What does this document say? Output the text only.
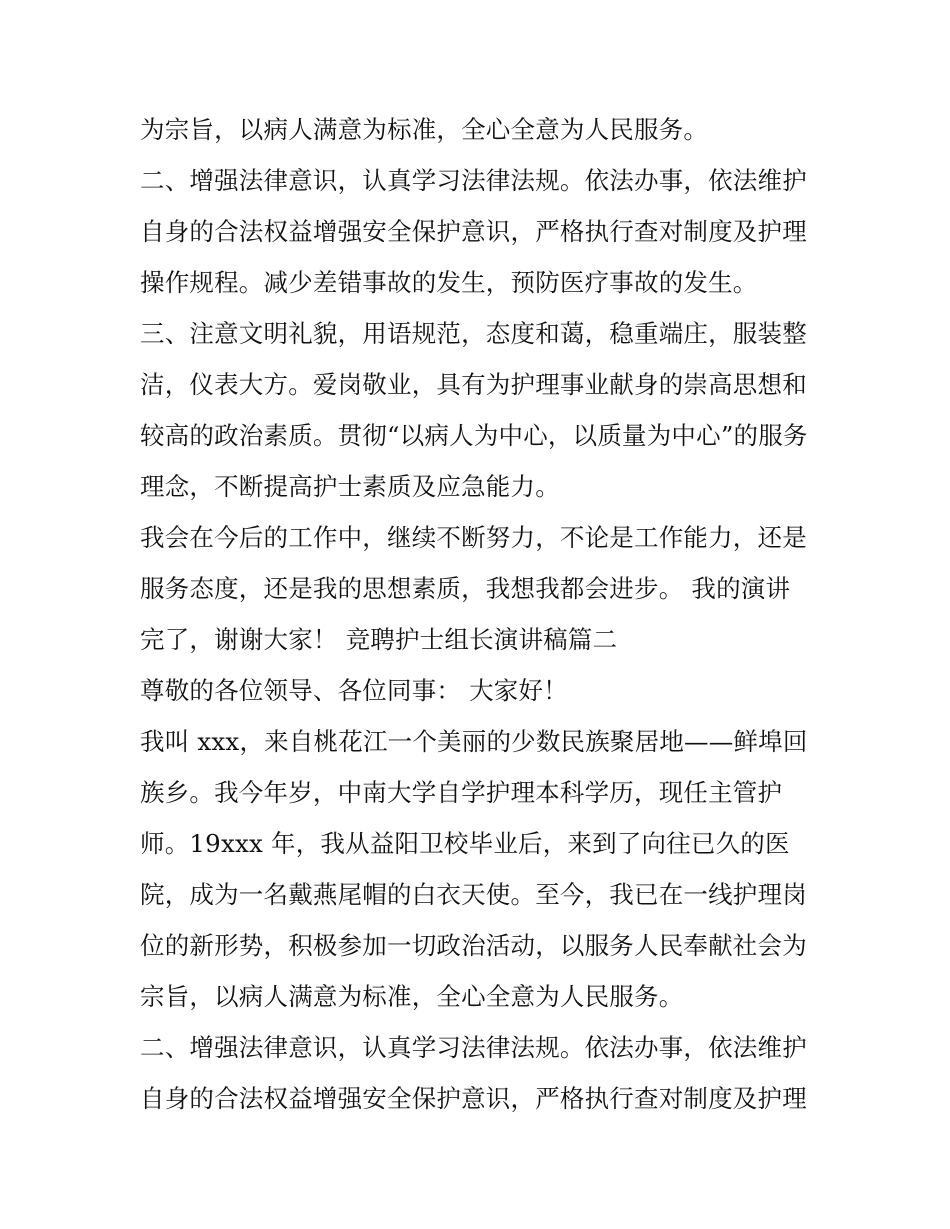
为宗旨，以病人满意为标准，全心全意为人民服务。
二、增强法律意识，认真学习法律法规。依法办事，依法维护
自身的合法权益增强安全保护意识，严格执行查对制度及护理
操作规程。减少差错事故的发生，预防医疗事故的发生。
三、注意文明礼貌，用语规范，态度和蔼，稳重端庄，服装整
洁，仪表大方。爱岗敬业，具有为护理事业献身的崇高思想和
较高的政治素质。贯彻“以病人为中心，以质量为中心”的服务
理念，不断提高护士素质及应急能力。
我会在今后的工作中，继续不断努力，不论是工作能力，还是
服务态度，还是我的思想素质，我想我都会进步。 我的演讲
完了，谢谢大家！ 竞聘护士组长演讲稿篇二
尊敬的各位领导、各位同事： 大家好！
我叫 xxx，来自桃花江一个美丽的少数民族聚居地——鲜埠回
族乡。我今年岁，中南大学自学护理本科学历，现任主管护
师。19xxx 年，我从益阳卫校毕业后，来到了向往已久的医
院，成为一名戴燕尾帽的白衣天使。至今，我已在一线护理岗
位的新形势，积极参加一切政治活动，以服务人民奉献社会为
宗旨，以病人满意为标准，全心全意为人民服务。
二、增强法律意识，认真学习法律法规。依法办事，依法维护
自身的合法权益增强安全保护意识，严格执行查对制度及护理
